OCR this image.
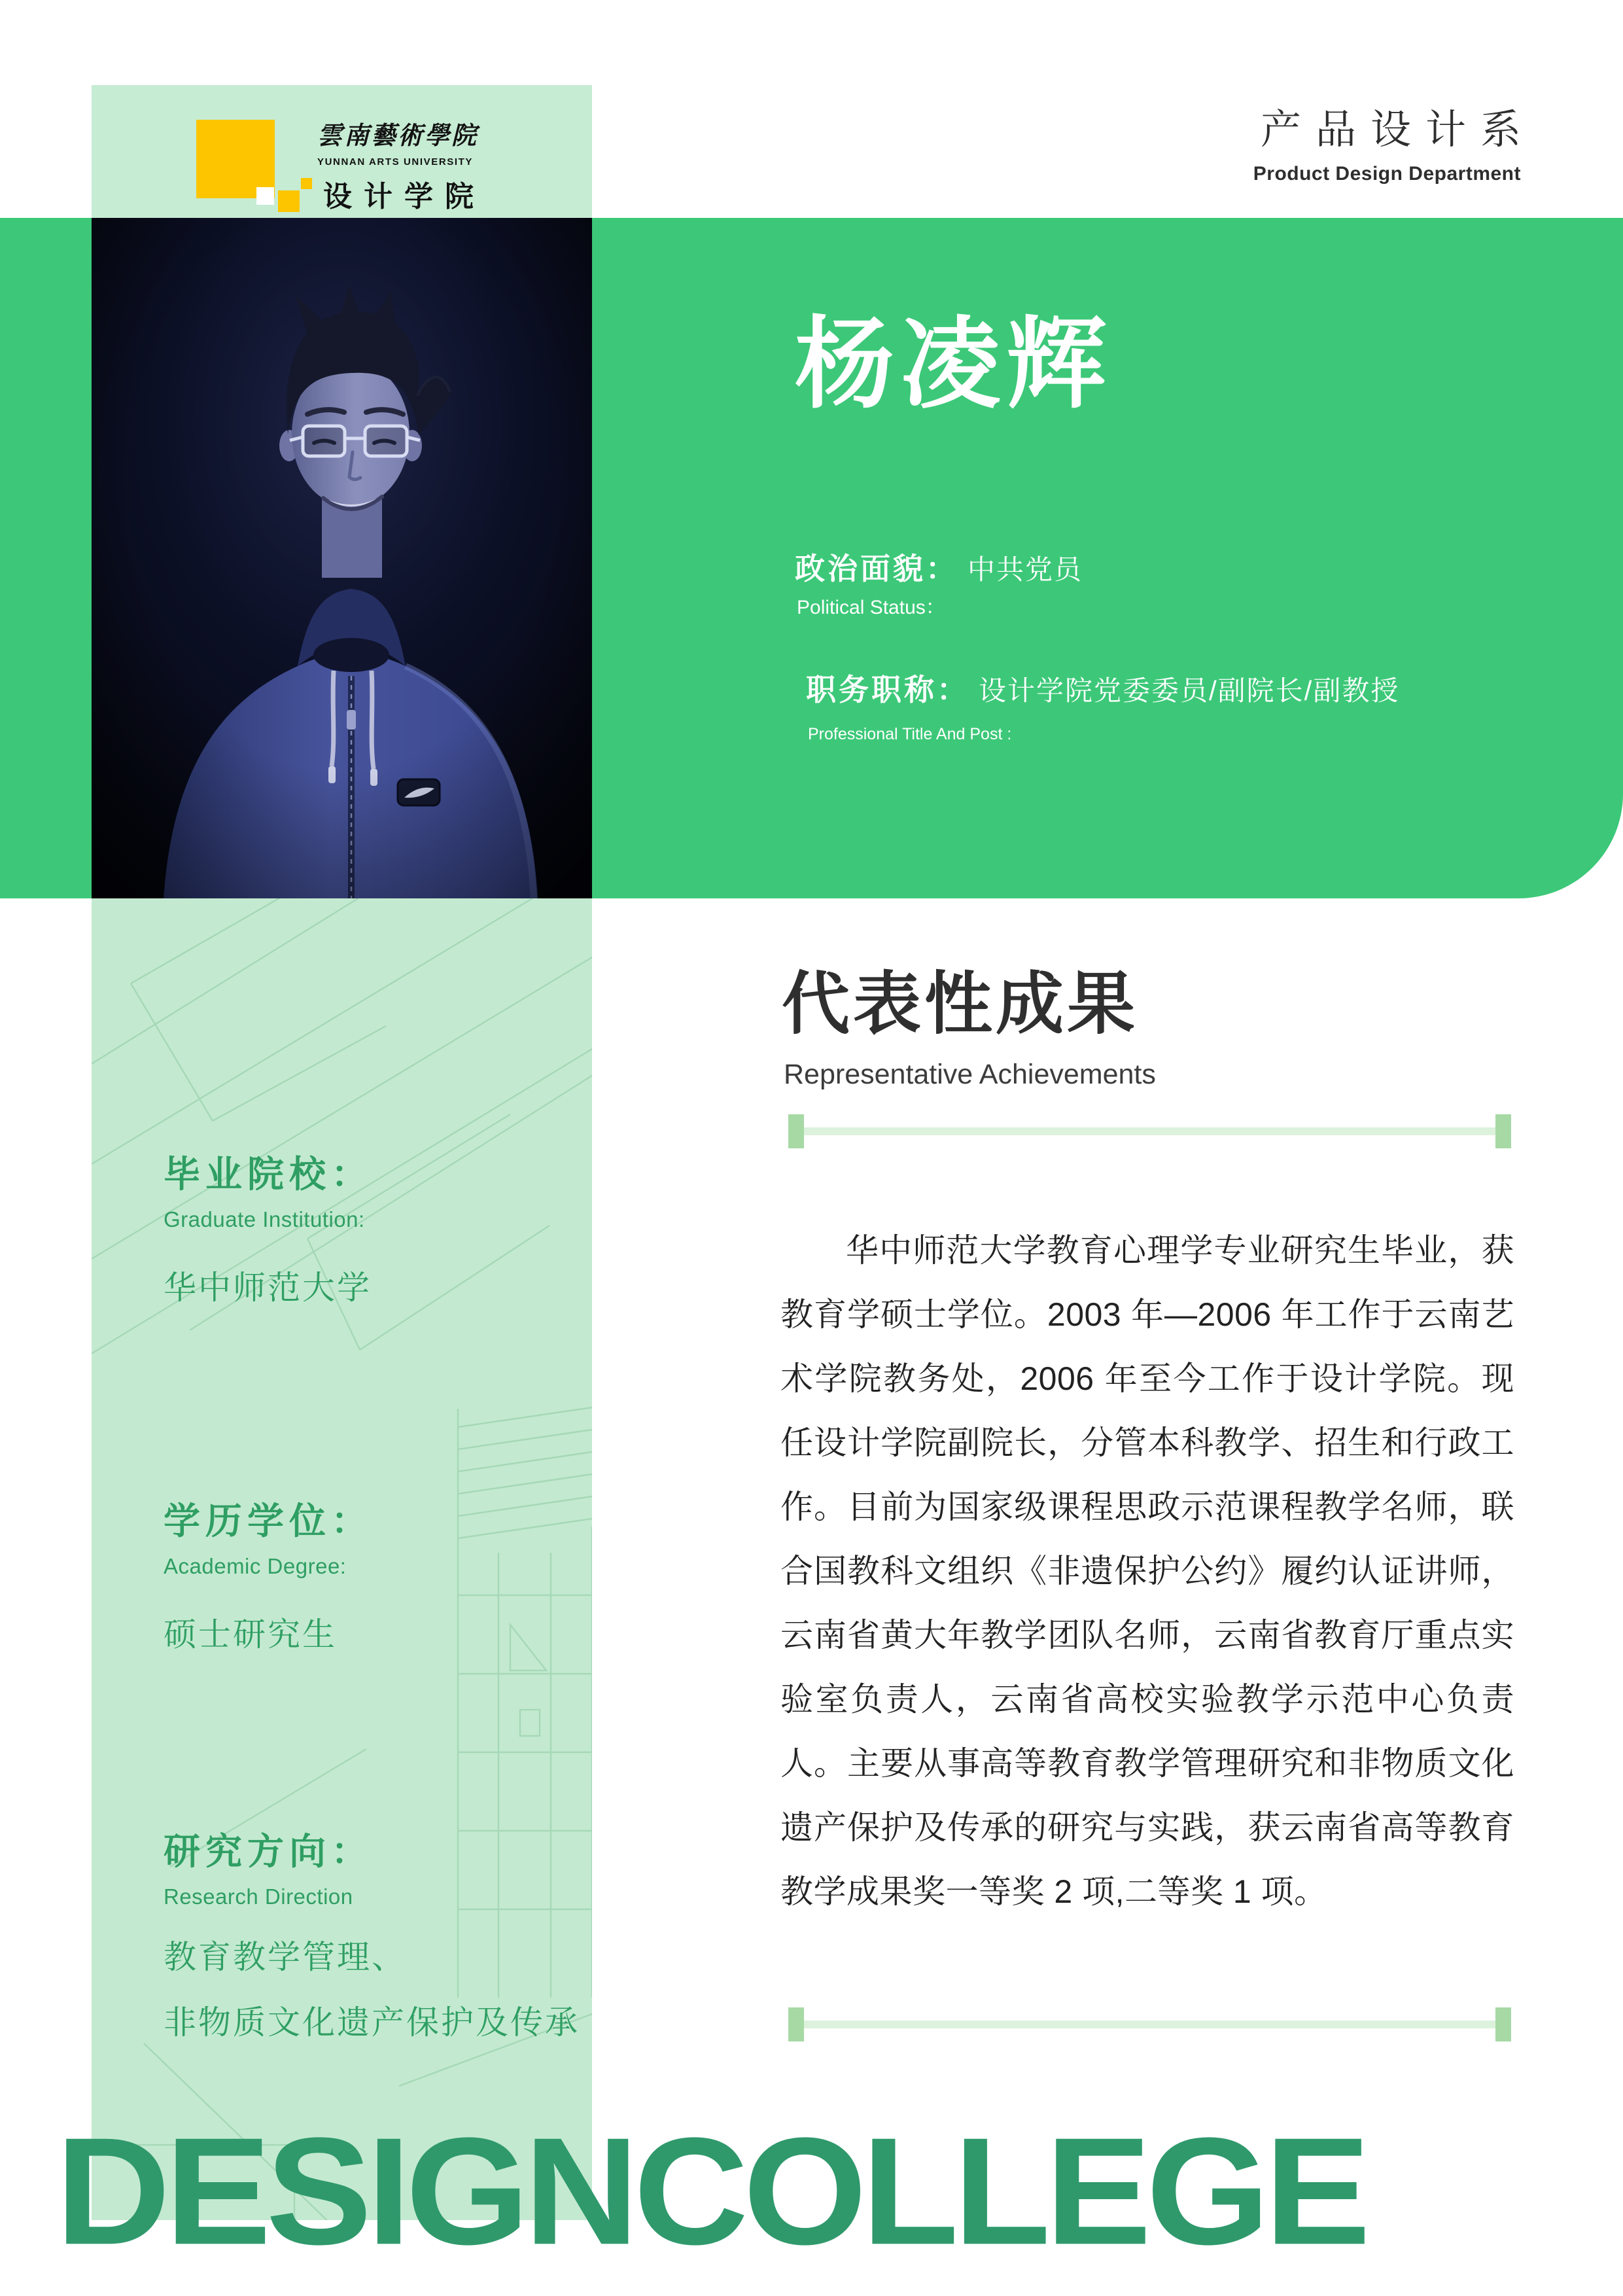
雲南藝術學院
YUNNAN ARTS UNIVERSITY
设计学院
产品设计系
Product Design Department
杨凌辉
政治面貌： 中共党员
Political Status：
职务职称： 设计学院党委委员/副院长/副教授
Professional Title And Post :
毕业院校：
Graduate Institution:
华中师范大学
学历学位：
Academic Degree:
硕士研究生
研究方向：
Research Direction
教育教学管理、
非物质文化遗产保护及传承
代表性成果
Representative Achievements
华中师范大学教育心理学专业研究生毕业，获教育学硕士学位。2003 年—2006 年工作于云南艺术学院教务处，2006 年至今工作于设计学院。现任设计学院副院长，分管本科教学、招生和行政工作。目前为国家级课程思政示范课程教学名师，联合国教科文组织《非遗保护公约》履约认证讲师，云南省黄大年教学团队名师，云南省教育厅重点实验室负责人，云南省高校实验教学示范中心负责人。主要从事高等教育教学管理研究和非物质文化遗产保护及传承的研究与实践，获云南省高等教育教学成果奖一等奖 2 项,二等奖 1 项。
DESIGN COLLEGE
